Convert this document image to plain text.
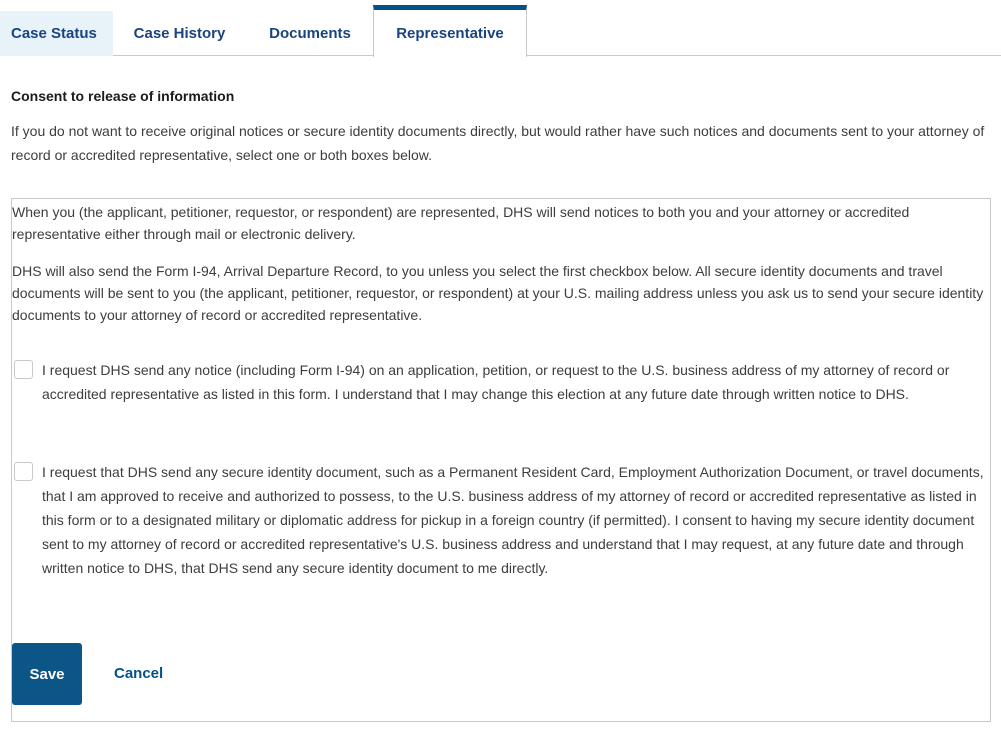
Case Status	Case History	Documents	Representative
Consent to release of information
If you do not want to receive original notices or secure identity documents directly, but would rather have such notices and documents sent to your attorney of record or accredited representative, select one or both boxes below.
When you (the applicant, petitioner, requestor, or respondent) are represented, DHS will send notices to both you and your attorney or accredited representative either through mail or electronic delivery.
DHS will also send the Form I-94, Arrival Departure Record, to you unless you select the first checkbox below. All secure identity documents and travel documents will be sent to you (the applicant, petitioner, requestor, or respondent) at your U.S. mailing address unless you ask us to send your secure identity documents to your attorney of record or accredited representative.
I request DHS send any notice (including Form I-94) on an application, petition, or request to the U.S. business address of my attorney of record or accredited representative as listed in this form. I understand that I may change this election at any future date through written notice to DHS.
I request that DHS send any secure identity document, such as a Permanent Resident Card, Employment Authorization Document, or travel documents, that I am approved to receive and authorized to possess, to the U.S. business address of my attorney of record or accredited representative as listed in this form or to a designated military or diplomatic address for pickup in a foreign country (if permitted). I consent to having my secure identity document sent to my attorney of record or accredited representative's U.S. business address and understand that I may request, at any future date and through written notice to DHS, that DHS send any secure identity document to me directly.
Save	Cancel
